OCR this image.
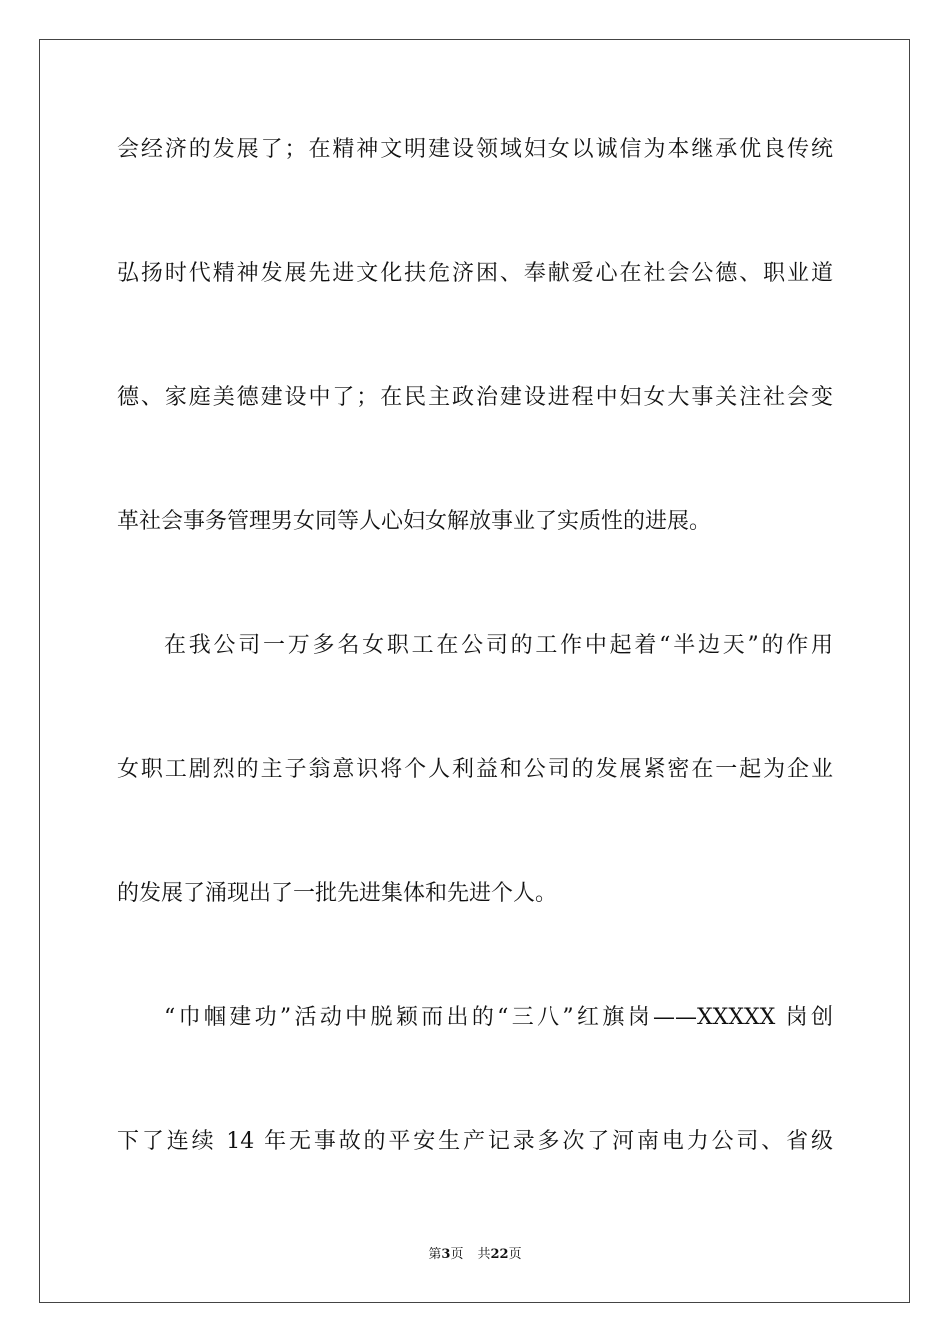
会经济的发展了；在精神文明建设领域妇女以诚信为本继承优良传统
弘扬时代精神发展先进文化扶危济困、奉献爱心在社会公德、职业道
德、家庭美德建设中了；在民主政治建设进程中妇女大事关注社会变
革社会事务管理男女同等人心妇女解放事业了实质性的进展。
在我公司一万多名女职工在公司的工作中起着“半边天”的作用
女职工剧烈的主子翁意识将个人利益和公司的发展紧密在一起为企业
的发展了涌现出了一批先进集体和先进个人。
“巾帼建功”活动中脱颖而出的“三八”红旗岗——XXXXX 岗创
下了连续 14 年无事故的平安生产记录多次了河南电力公司、省级
第3页 共22页
